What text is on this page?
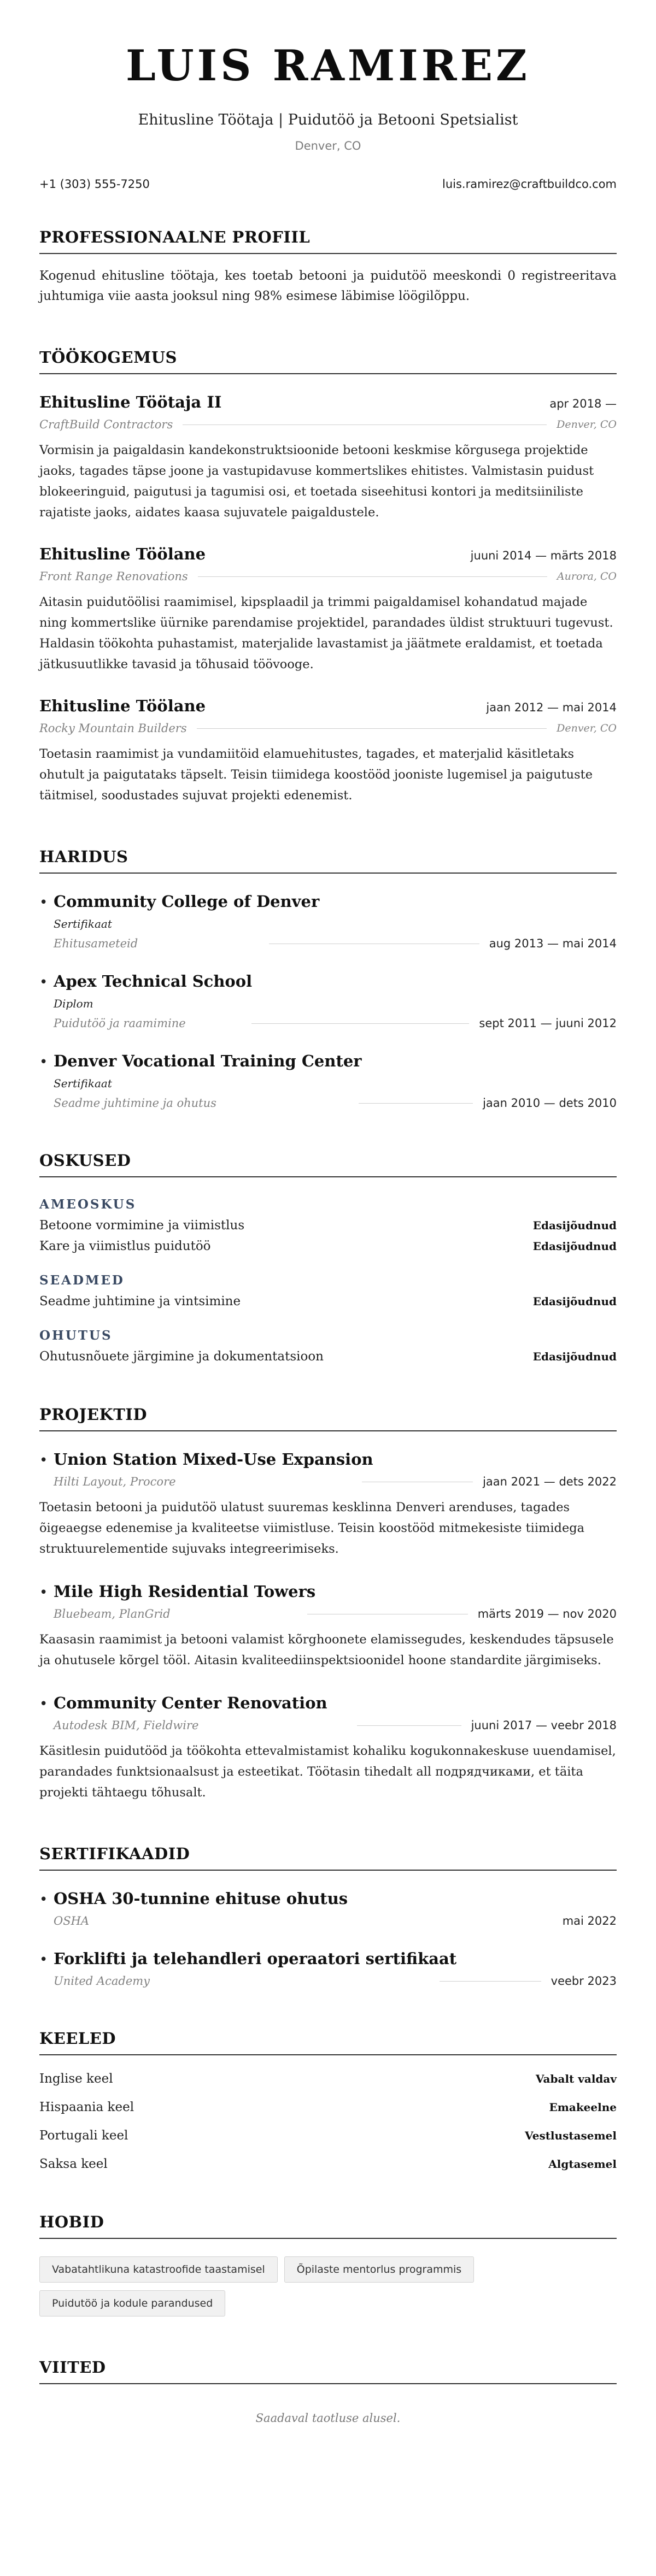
LUIS RAMIREZ
Ehitusline Töötaja | Puidutöö ja Betooni Spetsialist
Denver, CO
+1 (303) 555-7250	luis.ramirez@craftbuildco.com
PROFESSIONAALNE PROFIIL

Kogenud ehitusline töötaja, kes toetab betooni ja puidutöö meeskondi 0 registreeritava juhtumiga viie aasta jooksul ning 98% esimese läbimise löögilõppu.

TÖÖKOGEMUS
Ehitusline Töötaja II	apr 2018 —
CraftBuild Contractors	Denver, CO

Vormisin ja paigaldasin kandekonstruktsioonide betooni keskmise kõrgusega projektide jaoks, tagades täpse joone ja vastupidavuse kommertslikes ehitistes. Valmistasin puidust blokeeringuid, paigutusi ja tagumisi osi, et toetada siseehitusi kontori ja meditsiiniliste rajatiste jaoks, aidates kaasa sujuvatele paigaldustele.

Ehitusline Töölane	juuni 2014 — märts 2018
Front Range Renovations	Aurora, CO

Aitasin puidutöölisi raamimisel, kipsplaadil ja trimmi paigaldamisel kohandatud majade ning kommertslike üürnike parendamise projektidel, parandades üldist struktuuri tugevust. Haldasin töökohta puhastamist, materjalide lavastamist ja jäätmete eraldamist, et toetada jätkusuutlikke tavasid ja tõhusaid töövooge.

Ehitusline Töölane	jaan 2012 — mai 2014
Rocky Mountain Builders	Denver, CO

Toetasin raamimist ja vundamiitöid elamuehitustes, tagades, et materjalid käsitletaks ohutult ja paigutataks täpselt. Teisin tiimidega koostööd jooniste lugemisel ja paigutuste täitmisel, soodustades sujuvat projekti edenemist.

HARIDUS
• Community College of Denver
Sertifikaat
Ehitusameteid	aug 2013 — mai 2014
• Apex Technical School
Diplom
Puidutöö ja raamimine	sept 2011 — juuni 2012
• Denver Vocational Training Center
Sertifikaat
Seadme juhtimine ja ohutus	jaan 2010 — dets 2010
OSKUSED
AMEOSKUS
Betoone vormimine ja viimistlus	Edasijõudnud
Kare ja viimistlus puidutöö	Edasijõudnud
SEADMED
Seadme juhtimine ja vintsimine	Edasijõudnud
OHUTUS
Ohutusnõuete järgimine ja dokumentatsioon	Edasijõudnud
PROJEKTID
• Union Station Mixed-Use Expansion
Hilti Layout, Procore	jaan 2021 — dets 2022

Toetasin betooni ja puidutöö ulatust suuremas kesklinna Denveri arenduses, tagades õigeaegse edenemise ja kvaliteetse viimistluse. Teisin koostööd mitmekesiste tiimidega struktuurelementide sujuvaks integreerimiseks.

• Mile High Residential Towers
Bluebeam, PlanGrid	märts 2019 — nov 2020

Kaasasin raamimist ja betooni valamist kõrghoonete elamissegudes, keskendudes täpsusele ja ohutusele kõrgel tööl. Aitasin kvaliteediinspektsioonidel hoone standardite järgimiseks.

• Community Center Renovation
Autodesk BIM, Fieldwire	juuni 2017 — veebr 2018

Käsitlesin puidutööd ja töökohta ettevalmistamist kohaliku kogukonnakeskuse uuendamisel, parandades funktsionaalsust ja esteetikat. Töötasin tihedalt all подрядчиками, et täita projekti tähtaegu tõhusalt.

SERTIFIKAADID
• OSHA 30-tunnine ehituse ohutus
OSHA	mai 2022
• Forklifti ja telehandleri operaatori sertifikaat
United Academy	veebr 2023
KEELED
Inglise keel	Vabalt valdav
Hispaania keel	Emakeelne
Portugali keel	Vestlustasemel
Saksa keel	Algtasemel
HOBID
Vabatahtlikuna katastroofide taastamisel	Õpilaste mentorlus programmis
Puidutöö ja kodule parandused
VIITED

Saadaval taotluse alusel.
